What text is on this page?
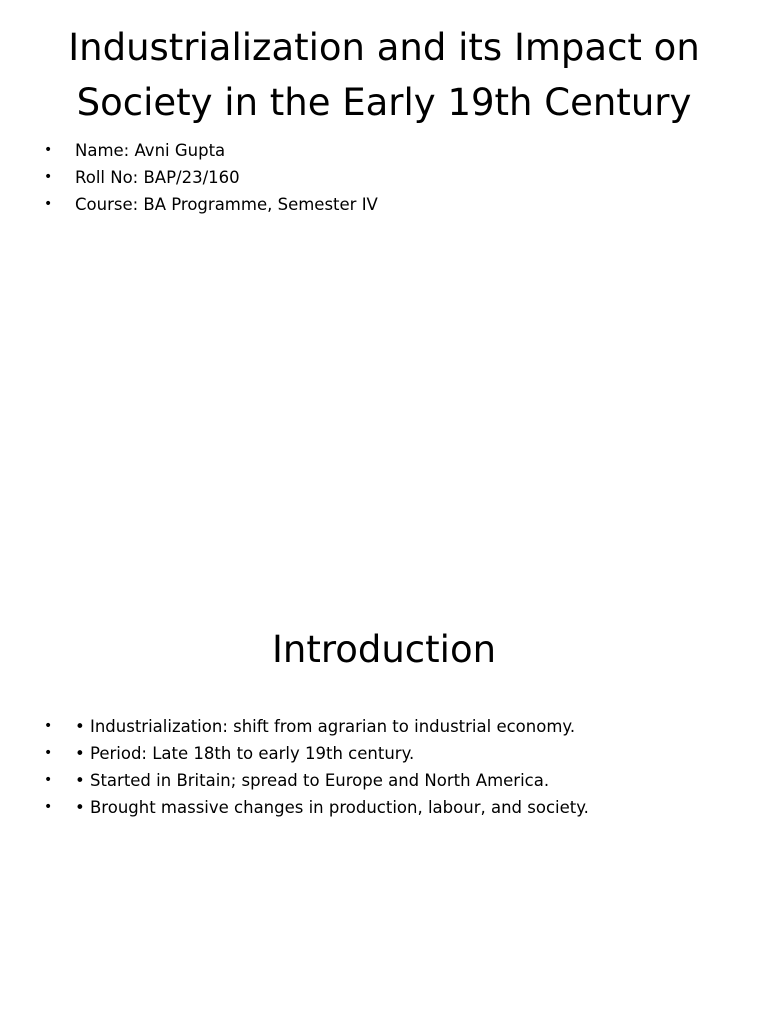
Industrialization and its Impact on Society in the Early 19th Century
• Name: Avni Gupta
• Roll No: BAP/23/160
• Course: BA Programme, Semester IV
Introduction
• • Industrialization: shift from agrarian to industrial economy.
• • Period: Late 18th to early 19th century.
• • Started in Britain; spread to Europe and North America.
• • Brought massive changes in production, labour, and society.
